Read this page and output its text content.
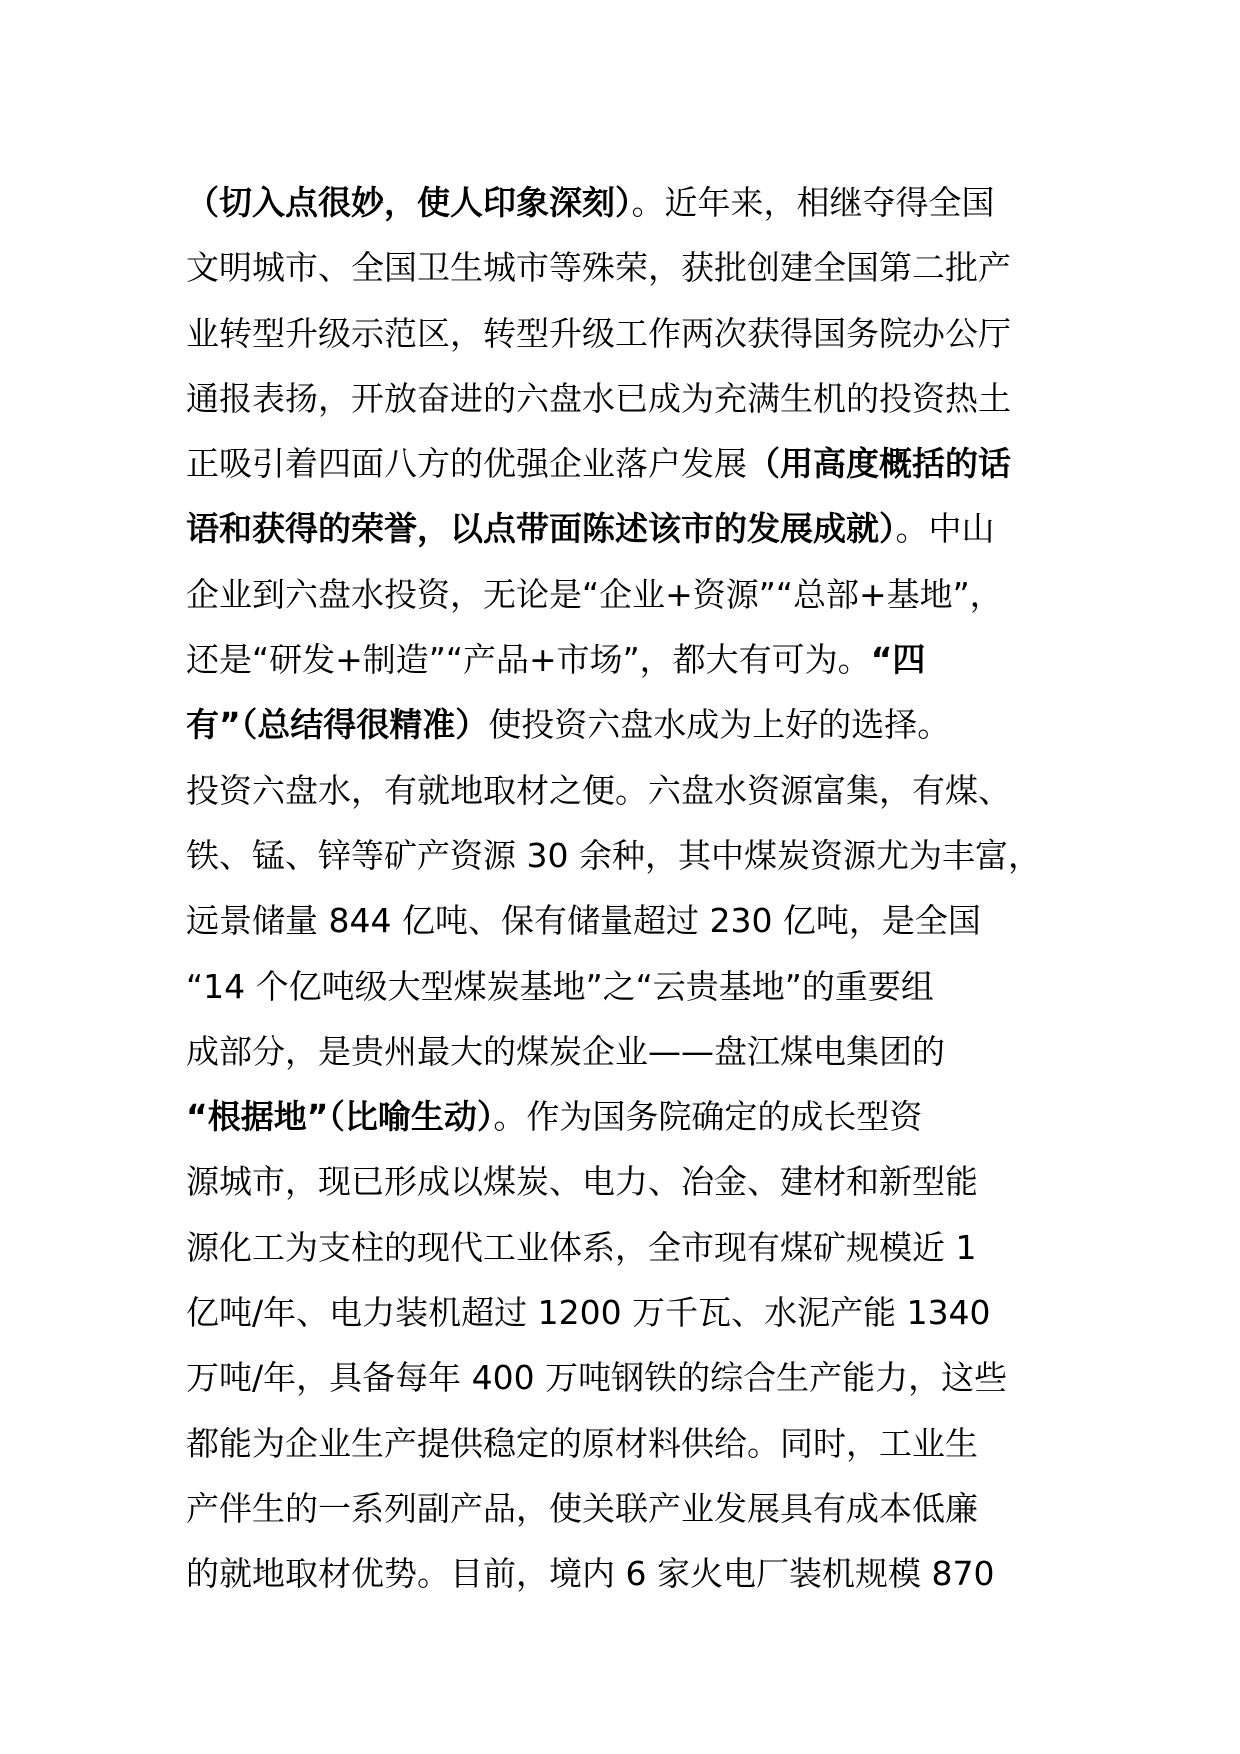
（切入点很妙，使人印象深刻）。近年来，相继夺得全国
文明城市、全国卫生城市等殊荣，获批创建全国第二批产
业转型升级示范区，转型升级工作两次获得国务院办公厅
通报表扬，开放奋进的六盘水已成为充满生机的投资热土
正吸引着四面八方的优强企业落户发展（用高度概括的话
语和获得的荣誉，以点带面陈述该市的发展成就）。中山
企业到六盘水投资，无论是“企业+资源”“总部+基地”，
还是“研发+制造”“产品+市场”，都大有可为。“四
有”（总结得很精准）使投资六盘水成为上好的选择。
投资六盘水，有就地取材之便。六盘水资源富集，有煤、
铁、锰、锌等矿产资源 30 余种，其中煤炭资源尤为丰富，
远景储量 844 亿吨、保有储量超过 230 亿吨，是全国
“14 个亿吨级大型煤炭基地”之“云贵基地”的重要组
成部分，是贵州最大的煤炭企业——盘江煤电集团的
“根据地”（比喻生动）。作为国务院确定的成长型资
源城市，现已形成以煤炭、电力、冶金、建材和新型能
源化工为支柱的现代工业体系，全市现有煤矿规模近 1
亿吨/年、电力装机超过 1200 万千瓦、水泥产能 1340
万吨/年，具备每年 400 万吨钢铁的综合生产能力，这些
都能为企业生产提供稳定的原材料供给。同时，工业生
产伴生的一系列副产品，使关联产业发展具有成本低廉
的就地取材优势。目前，境内 6 家火电厂装机规模 870
